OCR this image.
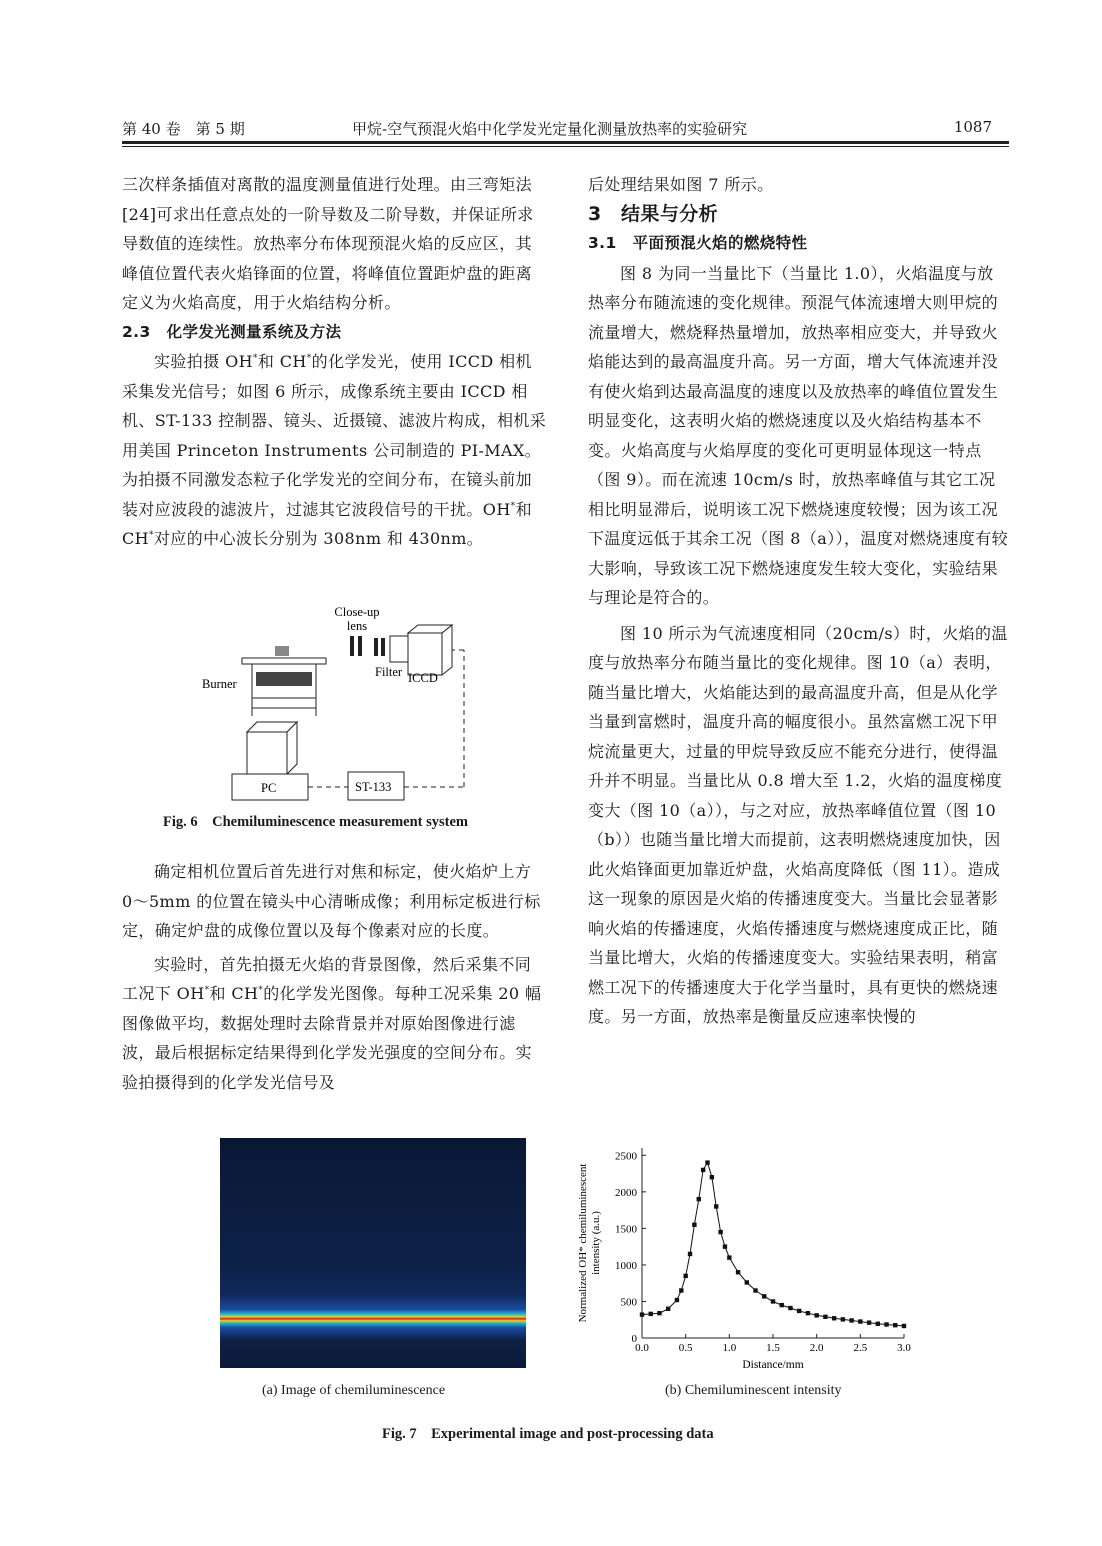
第 40 卷　第 5 期	甲烷-空气预混火焰中化学发光定量化测量放热率的实验研究	1087

三次样条插值对离散的温度测量值进行处理。由三弯矩法[24]可求出任意点处的一阶导数及二阶导数，并保证所求导数值的连续性。放热率分布体现预混火焰的反应区，其峰值位置代表火焰锋面的位置，将峰值位置距炉盘的距离定义为火焰高度，用于火焰结构分析。

2.3　化学发光测量系统及方法

实验拍摄 OH*和 CH*的化学发光，使用 ICCD 相机采集发光信号；如图 6 所示，成像系统主要由 ICCD 相机、ST-133 控制器、镜头、近摄镜、滤波片构成，相机采用美国 Princeton Instruments 公司制造的 PI-MAX。为拍摄不同激发态粒子化学发光的空间分布，在镜头前加装对应波段的滤波片，过滤其它波段信号的干扰。OH*和 CH*对应的中心波长分别为 308nm 和 430nm。

Close-up
lens
Filter ICCD
Burner
PC	ST-133
Fig. 6　Chemiluminescence measurement system

确定相机位置后首先进行对焦和标定，使火焰炉上方 0～5mm 的位置在镜头中心清晰成像；利用标定板进行标定，确定炉盘的成像位置以及每个像素对应的长度。

实验时，首先拍摄无火焰的背景图像，然后采集不同工况下 OH*和 CH*的化学发光图像。每种工况采集 20 幅图像做平均，数据处理时去除背景并对原始图像进行滤波，最后根据标定结果得到化学发光强度的空间分布。实验拍摄得到的化学发光信号及

后处理结果如图 7 所示。

3　结果与分析

3.1　平面预混火焰的燃烧特性

图 8 为同一当量比下（当量比 1.0），火焰温度与放热率分布随流速的变化规律。预混气体流速增大则甲烷的流量增大，燃烧释热量增加，放热率相应变大，并导致火焰能达到的最高温度升高。另一方面，增大气体流速并没有使火焰到达最高温度的速度以及放热率的峰值位置发生明显变化，这表明火焰的燃烧速度以及火焰结构基本不变。火焰高度与火焰厚度的变化可更明显体现这一特点（图 9）。而在流速 10cm/s 时，放热率峰值与其它工况相比明显滞后，说明该工况下燃烧速度较慢；因为该工况下温度远低于其余工况（图 8（a）），温度对燃烧速度有较大影响，导致该工况下燃烧速度发生较大变化，实验结果与理论是符合的。

图 10 所示为气流速度相同（20cm/s）时，火焰的温度与放热率分布随当量比的变化规律。图 10（a）表明，随当量比增大，火焰能达到的最高温度升高，但是从化学当量到富燃时，温度升高的幅度很小。虽然富燃工况下甲烷流量更大，过量的甲烷导致反应不能充分进行，使得温升并不明显。当量比从 0.8 增大至 1.2，火焰的温度梯度变大（图 10（a）），与之对应，放热率峰值位置（图 10（b））也随当量比增大而提前，这表明燃烧速度加快，因此火焰锋面更加靠近炉盘，火焰高度降低（图 11）。造成这一现象的原因是火焰的传播速度变大。当量比会显著影响火焰的传播速度，火焰传播速度与燃烧速度成正比，随当量比增大，火焰的传播速度变大。实验结果表明，稍富燃工况下的传播速度大于化学当量时，具有更快的燃烧速度。另一方面，放热率是衡量反应速率快慢的

(a) Image of chemiluminescence
0.0	0.5	1.0	1.5	2.0	2.5	3.0
0
500
1000
1500
2000
2500
Distance/mm
Normalized OH* chemiluminescentintensity (a.u.)
(b) Chemiluminescent intensity
Fig. 7　Experimental image and post-processing data
